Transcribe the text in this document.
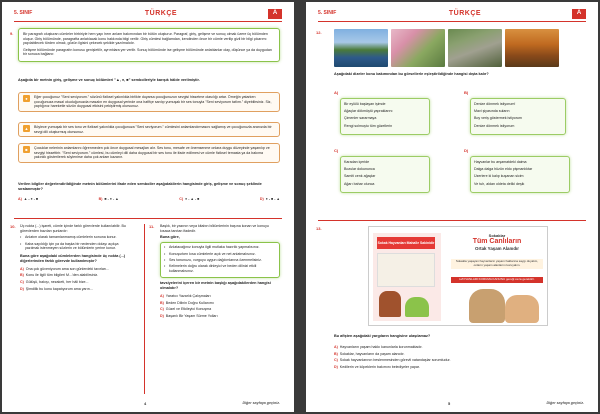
5. SINIF	TÜRKÇE	A
9.	Bir paragrafı oluşturan cümleler birbiriyle hem yapı hem anlam bakımından bir bütün oluşturur. Paragraf, giriş, gelişme ve sonuç olmak üzere üç bölümden oluşur. Giriş bölümünde, paragrafta anlatılacak konu hakkında bilgi verilir. Giriş cümlesi bağlamdan, kendinden önce bir cümle verilip gizli bir bilgi çıkarımı yapılabilecek türden olmalı, gözün ilgisini çekecek şekilde yazılmalıdır.

Gelişme bölümünde paragrafın konusu genişletilir, ayrıntılara yer verilir. Sonuç bölümünde ise gelişme bölümünde anlatılanlar olay, düşünce ya da duygudan bir sonuca bağlanır.

Aşağıda bir metnin giriş, gelişme ve sonuç bölümleri "▲, ●, ■" sembolleriyle karışık hâlde verilmiştir.
●	Eğer çocuğunuz "Seni seviyorum." sözünü fiziksel yakınlıkla birlikte duyarsa çocuğunuzun sevgisi hissetme olasılığı artar. Örneğin yatarken çocuğunuza masal okuduğunuzda masalın en duygusal yerinde ona hafifçe sarılıp yumuşak bir ses tonuyla "Seni seviyorum tatlım." diyebilirsiniz. Siz, yaptığınız hareketle sözün duygusal etkisini pekiştirmiş olursunuz.
▲	Böylece yumuşak bir ses tonu ve fiziksel yakınlıkla çocuğunuza "Seni seviyorum." cümlesini anlamlandırmasını sağlamış ve çocuğunuzla aranızda bir sevgi dili oluşturmuş olursunuz.
■	Çocuklar nelerinin anlamlarını öğrenmeden çok önce duygusal mesajları alır. Ses tonu, mesafe ve önemsenme onlara duygu düzeyinde yaşanılıp ve sevgiyi hissettirir. "Seni seviyorum." cümlesi, bu cümleyi dili daha duygusal bir ses tonu ile ifade edilmesi ve cümle fiziksel temasta ya da bakıma yakınlık gösterilerek söylenirse daha çok anlam kazanır.
Verilen bilgiler değerlendirildiğinde metnin bölümlerini ifade eden semboller aşağıdakilerin hangisinde giriş, gelişme ve sonuç şeklinde sıralanmıştır?
A) ▲ - ● - ■	B) ■ - ● - ▲	C) ● - ▲ - ■	D) ● - ■ - ▲
10. Üç nokta (...) işareti, cümle içinde farklı görevlerde kullanılabilir. Bu görevlerden bazıları şunlardır:
• Anlatım olarak tamamlanmamış cümlelerin sonuna konur.
• Kaba sayıldığı için ya da başka bir nedenden dolayı açıkça yazılmak istenmeyen sözlerin ve bölümlerin yerine konur.
Buna göre aşağıdaki cümlelerden hangisinde üç nokta (...) diğerlerinden farklı görevde kullanılmıştır?
A) Ona çok güveniyorum ama son günlerdeki tavırları...
B) Konu ile ilgili tüm bilgileri M...'den alabilirsiniz.
C) Gülüşü, bakışı, nezaketi, her hâli bize...
D) Şimdilik bu konu kapatıyorum ama yarın...
11. Başlık, bir yazının veya kitabın bölümlerinin başına konan ve konuyu kısaca tanıtan ifadedir.
Buna göre,
• Anlatacağınız konuyla ilgili mutlaka hazırlık yapmalısınız.
• Konuşurken kısa cümlelerle açık ve net anlatmalısınız.
• Ses tonunuzu, vurguyu uygun dağılımlarına özenmelisiniz.
• Kelimelerin doğru olarak dinleyici ve beden dilinizi etkili kullanmalısınız.
tavsiyelerini içeren bir metnin başlığı aşağıdakilerden hangisi olmalıdır?
A) Yaratıcı Yazarlık Çalışmaları
B) Beden Dilinin Doğru Kullanımı
C) Güzel ve Etkileyici Konuşma
D) Başarılı Bir Yaşam Sürme Yolları
4	Diğer sayfaya geçiniz.
5. SINIF	TÜRKÇE	A
12.
Aşağıdaki dizeler konu bakımından bu görsellerle eşleştirildiğinde hangisi dışta kalır?
A)
Bir eylülü başlayan işimde
Ağaçlar dökmüştü yapraklarını
Çimenler sararmaya
Rengi solmuştu tüm güzellerin
B)
Denize dönmek istiyorum!
Mavi şiyasında suların
Boy veriş göstermek istiyorum
Denize dönmek istiyorum
C)
Karadan içeride
Bozular dokununca
Samiti cenk ağaçlar
Ağarı bahar olunca
D)
Hayvanlar bu arşamatdeki daima
Dalga dalga hüzün eldo pişmanlıktar
Üzerlere ki kalıp kuşanan sicim
Ve tuh, aldan oldeta deliki deşik
13.
Sokak Hayvanları Mahalle Sakinidir
Sokaklar
Tüm Canlıların
Ortak Yaşam Alanıdır
Sokakta yaşayan hayvanların yaşam haklarına saygı duyalım, onların yaşam alanlarını koruyalım.
HAYVANLARI KORUMA KANUNU gereği ceza gerektirir.
Bu afişten aşağıdaki yargıların hangisine ulaşılamaz?
A) Hayvanların yaşam hakkı kanunlarla korunmaktadır.
B) Sokaklar, hayvanların da yaşam alanıdır.
C) Sokak hayvanlarının beslenmesinden görevli vatandaşlar sorumludur.
D) Kedilerin ve köpeklerin bakımını belediyeler yapar.
5	Diğer sayfaya geçiniz.
